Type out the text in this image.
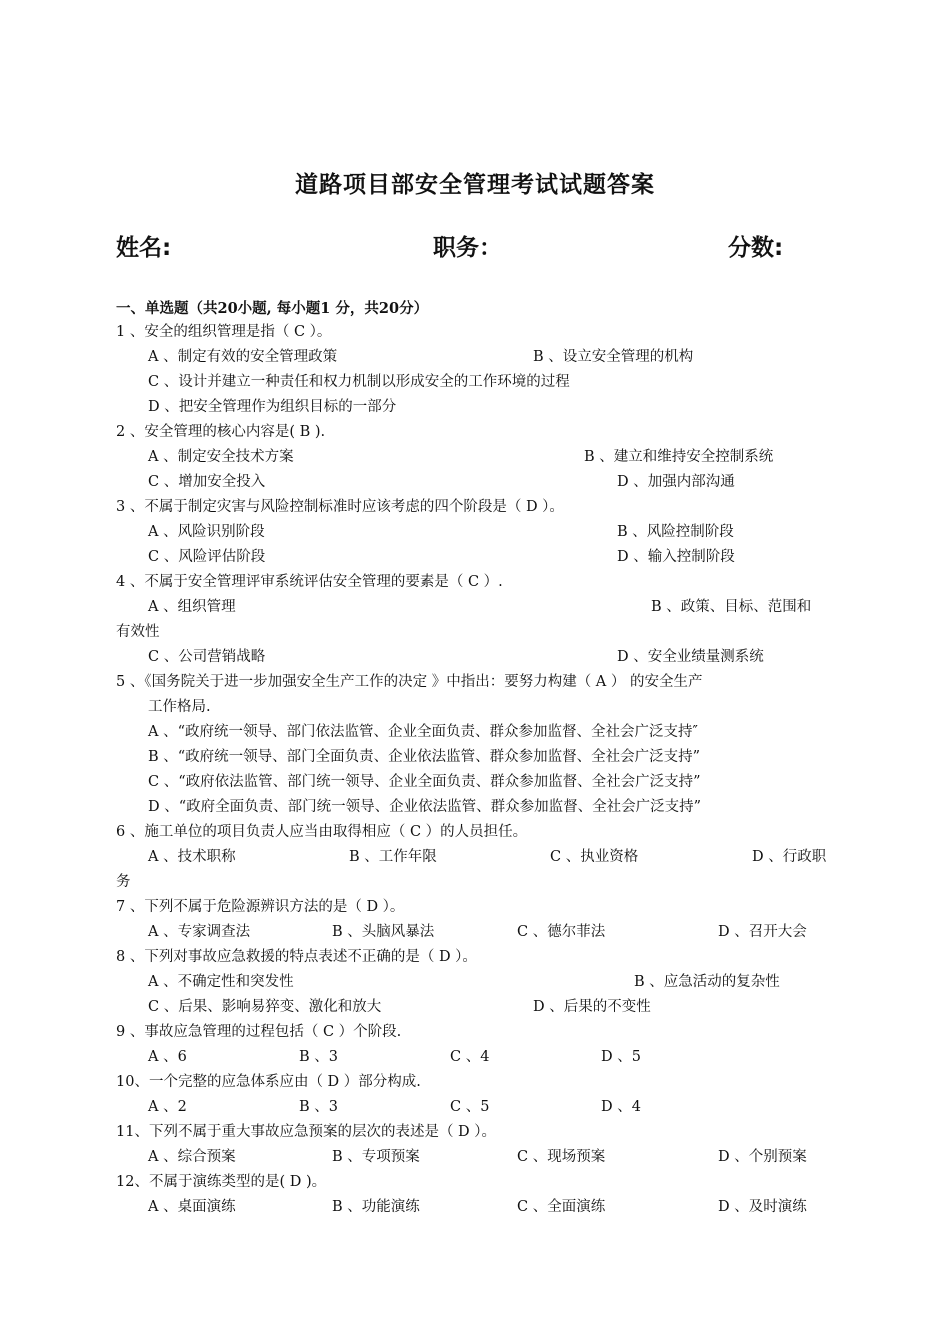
道路项目部安全管理考试试题答案
姓名:	职务：	分数:
一、单选题（共20小题, 每小题1 分，共20分）
1 、安全的组织管理是指（ C ）。
A 、制定有效的安全管理政策	B 、设立安全管理的机构
C 、设计并建立一种责任和权力机制以形成安全的工作环境的过程
D 、把安全管理作为组织目标的一部分
2 、安全管理的核心内容是( B ).
A 、制定安全技术方案	B 、建立和维持安全控制系统
C 、增加安全投入	D 、加强内部沟通
3 、不属于制定灾害与风险控制标准时应该考虑的四个阶段是（ D ）。
A 、风险识别阶段	B 、风险控制阶段
C 、风险评估阶段	D 、输入控制阶段
4 、不属于安全管理评审系统评估安全管理的要素是（ C ）.
A 、组织管理	B 、政策、目标、范围和
有效性
C 、公司营销战略	D 、安全业绩量测系统
5 、《国务院关于进一步加强安全生产工作的决定 》中指出：要努力构建（ A ） 的安全生产
工作格局.
A 、“政府统一领导、部门依法监管、企业全面负责、群众参加监督、全社会广泛支持″
B 、“政府统一领导、部门全面负责、企业依法监管、群众参加监督、全社会广泛支持”
C 、“政府依法监管、部门统一领导、企业全面负责、群众参加监督、全社会广泛支持”
D 、“政府全面负责、部门统一领导、企业依法监管、群众参加监督、全社会广泛支持”
6 、施工单位的项目负责人应当由取得相应（ C ）的人员担任。
A 、技术职称	B 、工作年限	C 、执业资格	D 、行政职
务
7 、下列不属于危险源辨识方法的是（ D ）。
A 、专家调查法	B 、头脑风暴法	C 、德尔菲法	D 、召开大会
8 、下列对事故应急救援的特点表述不正确的是（ D ）。
A 、不确定性和突发性	B 、应急活动的复杂性
C 、后果、影响易猝变、激化和放大	D 、后果的不变性
9 、事故应急管理的过程包括（ C ）个阶段.
A 、6	B 、3	C 、4	D 、5
10、一个完整的应急体系应由（ D ）部分构成.
A 、2	B 、3	C 、5	D 、4
11、下列不属于重大事故应急预案的层次的表述是（ D ）。
A 、综合预案	B 、专项预案	C 、现场预案	D 、个别预案
12、不属于演练类型的是( D )。
A 、桌面演练	B 、功能演练	C 、全面演练	D 、及时演练
